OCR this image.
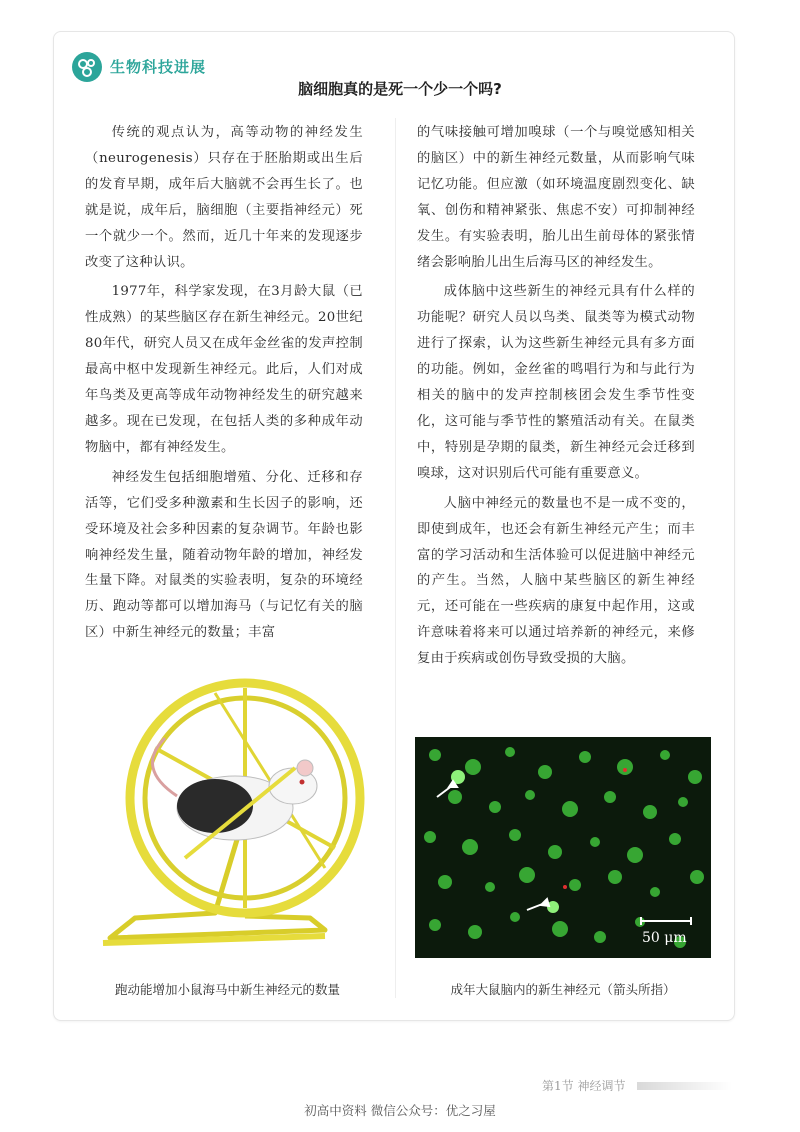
生物科技进展
脑细胞真的是死一个少一个吗?

传统的观点认为，高等动物的神经发生（neurogenesis）只存在于胚胎期或出生后的发育早期，成年后大脑就不会再生长了。也就是说，成年后，脑细胞（主要指神经元）死一个就少一个。然而，近几十年来的发现逐步改变了这种认识。

1977年，科学家发现，在3月龄大鼠（已性成熟）的某些脑区存在新生神经元。20世纪80年代，研究人员又在成年金丝雀的发声控制最高中枢中发现新生神经元。此后，人们对成年鸟类及更高等成年动物神经发生的研究越来越多。现在已发现，在包括人类的多种成年动物脑中，都有神经发生。

神经发生包括细胞增殖、分化、迁移和存活等，它们受多种激素和生长因子的影响，还受环境及社会多种因素的复杂调节。年龄也影响神经发生量，随着动物年龄的增加，神经发生量下降。对鼠类的实验表明，复杂的环境经历、跑动等都可以增加海马（与记忆有关的脑区）中新生神经元的数量；丰富

的气味接触可增加嗅球（一个与嗅觉感知相关的脑区）中的新生神经元数量，从而影响气味记忆功能。但应激（如环境温度剧烈变化、缺氧、创伤和精神紧张、焦虑不安）可抑制神经发生。有实验表明，胎儿出生前母体的紧张情绪会影响胎儿出生后海马区的神经发生。

成体脑中这些新生的神经元具有什么样的功能呢？研究人员以鸟类、鼠类等为模式动物进行了探索，认为这些新生神经元具有多方面的功能。例如，金丝雀的鸣唱行为和与此行为相关的脑中的发声控制核团会发生季节性变化，这可能与季节性的繁殖活动有关。在鼠类中，特别是孕期的鼠类，新生神经元会迁移到嗅球，这对识别后代可能有重要意义。

人脑中神经元的数量也不是一成不变的，即使到成年，也还会有新生神经元产生；而丰富的学习活动和生活体验可以促进脑中神经元的产生。当然，人脑中某些脑区的新生神经元，还可能在一些疾病的康复中起作用，这或许意味着将来可以通过培养新的神经元，来修复由于疾病或创伤导致受损的大脑。

50 μm
跑动能增加小鼠海马中新生神经元的数量	成年大鼠脑内的新生神经元（箭头所指）
第1节 神经调节
初高中资料 微信公众号：优之习屋
